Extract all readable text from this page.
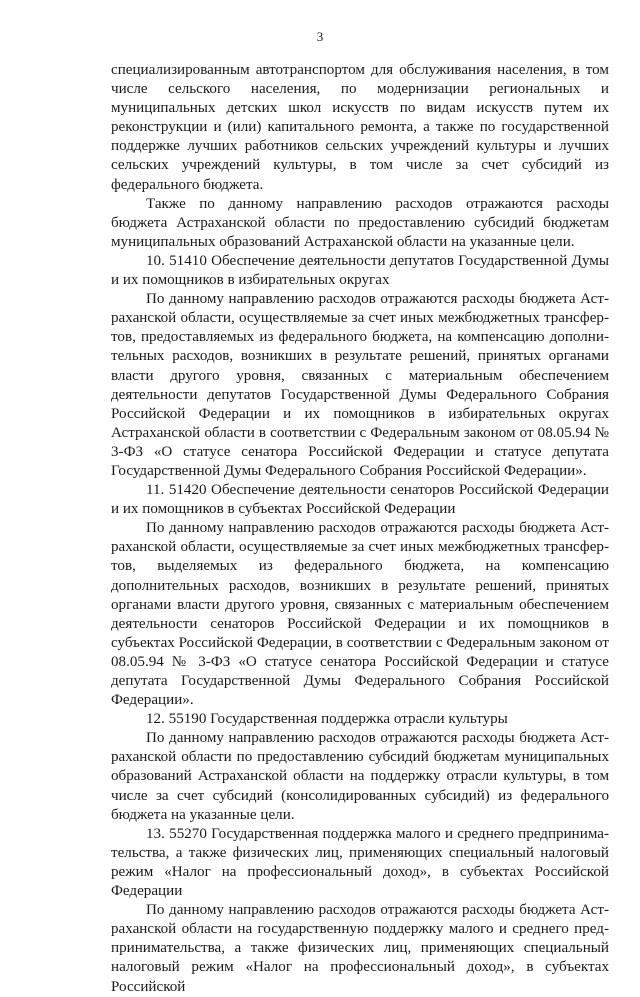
3

специализированным автотранспортом для обслуживания населения, в том числе сельского населения, по модернизации региональных и муниципальных детских школ искусств по видам искусств путем их реконструкции и (или) капитального ремонта, а также по государственной поддержке лучших работников сельских учреждений культуры и лучших сельских учреждений культуры, в том числе за счет субсидий из федерального бюджета.

Также по данному направлению расходов отражаются расходы бюджета Астраханской области по предоставлению субсидий бюджетам муниципальных образований Астраханской области на указанные цели.

10. 51410 Обеспечение деятельности депутатов Государственной Думы и их помощников в избирательных округах

По данному направлению расходов отражаются расходы бюджета Астраханской области, осуществляемые за счет иных межбюджетных трансфертов, предоставляемых из федерального бюджета, на компенсацию дополнительных расходов, возникших в результате решений, принятых органами власти другого уровня, связанных с материальным обеспечением деятельности депутатов Государственной Думы Федерального Собрания Российской Федерации и их помощников в избирательных округах Астраханской области в соответствии с Федеральным законом от 08.05.94 № 3-ФЗ «О статусе сенатора Российской Федерации и статусе депутата Государственной Думы Федерального Собрания Российской Федерации».

11. 51420 Обеспечение деятельности сенаторов Российской Федерации и их помощников в субъектах Российской Федерации

По данному направлению расходов отражаются расходы бюджета Астраханской области, осуществляемые за счет иных межбюджетных трансфертов, выделяемых из федерального бюджета, на компенсацию дополнительных расходов, возникших в результате решений, принятых органами власти другого уровня, связанных с материальным обеспечением деятельности сенаторов Российской Федерации и их помощников в субъектах Российской Федерации, в соответствии с Федеральным законом от 08.05.94 № 3-ФЗ «О статусе сенатора Российской Федерации и статусе депутата Государственной Думы Федерального Собрания Российской Федерации».

12. 55190 Государственная поддержка отрасли культуры

По данному направлению расходов отражаются расходы бюджета Астраханской области по предоставлению субсидий бюджетам муниципальных образований Астраханской области на поддержку отрасли культуры, в том числе за счет субсидий (консолидированных субсидий) из федерального бюджета на указанные цели.

13. 55270 Государственная поддержка малого и среднего предпринимательства, а также физических лиц, применяющих специальный налоговый режим «Налог на профессиональный доход», в субъектах Российской Федерации

По данному направлению расходов отражаются расходы бюджета Астраханской области на государственную поддержку малого и среднего предпринимательства, а также физических лиц, применяющих специальный налоговый режим «Налог на профессиональный доход», в субъектах Российской
